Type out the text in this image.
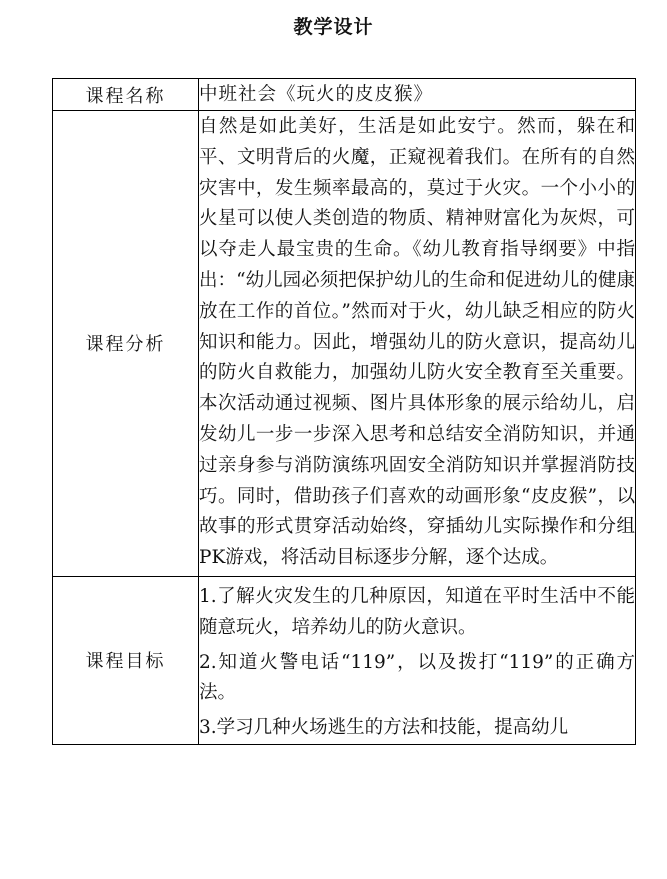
教学设计
课程名称	中班社会《玩火的皮皮猴》
课程分析	自然是如此美好，生活是如此安宁。然而，躲在和平、文明背后的火魔，正窥视着我们。在所有的自然灾害中，发生频率最高的，莫过于火灾。一个小小的火星可以使人类创造的物质、精神财富化为灰烬，可以夺走人最宝贵的生命。《幼儿教育指导纲要》中指出：“幼儿园必须把保护幼儿的生命和促进幼儿的健康放在工作的首位。”然而对于火，幼儿缺乏相应的防火知识和能力。因此，增强幼儿的防火意识，提高幼儿的防火自救能力，加强幼儿防火安全教育至关重要。本次活动通过视频、图片具体形象的展示给幼儿，启发幼儿一步一步深入思考和总结安全消防知识，并通过亲身参与消防演练巩固安全消防知识并掌握消防技巧。同时，借助孩子们喜欢的动画形象“皮皮猴”，以故事的形式贯穿活动始终，穿插幼儿实际操作和分组PK游戏，将活动目标逐步分解，逐个达成。
课程目标	1.了解火灾发生的几种原因，知道在平时生活中不能随意玩火，培养幼儿的防火意识。

2.知道火警电话“119”，以及拨打“119”的正确方法。

3.学习几种火场逃生的方法和技能，提高幼儿
